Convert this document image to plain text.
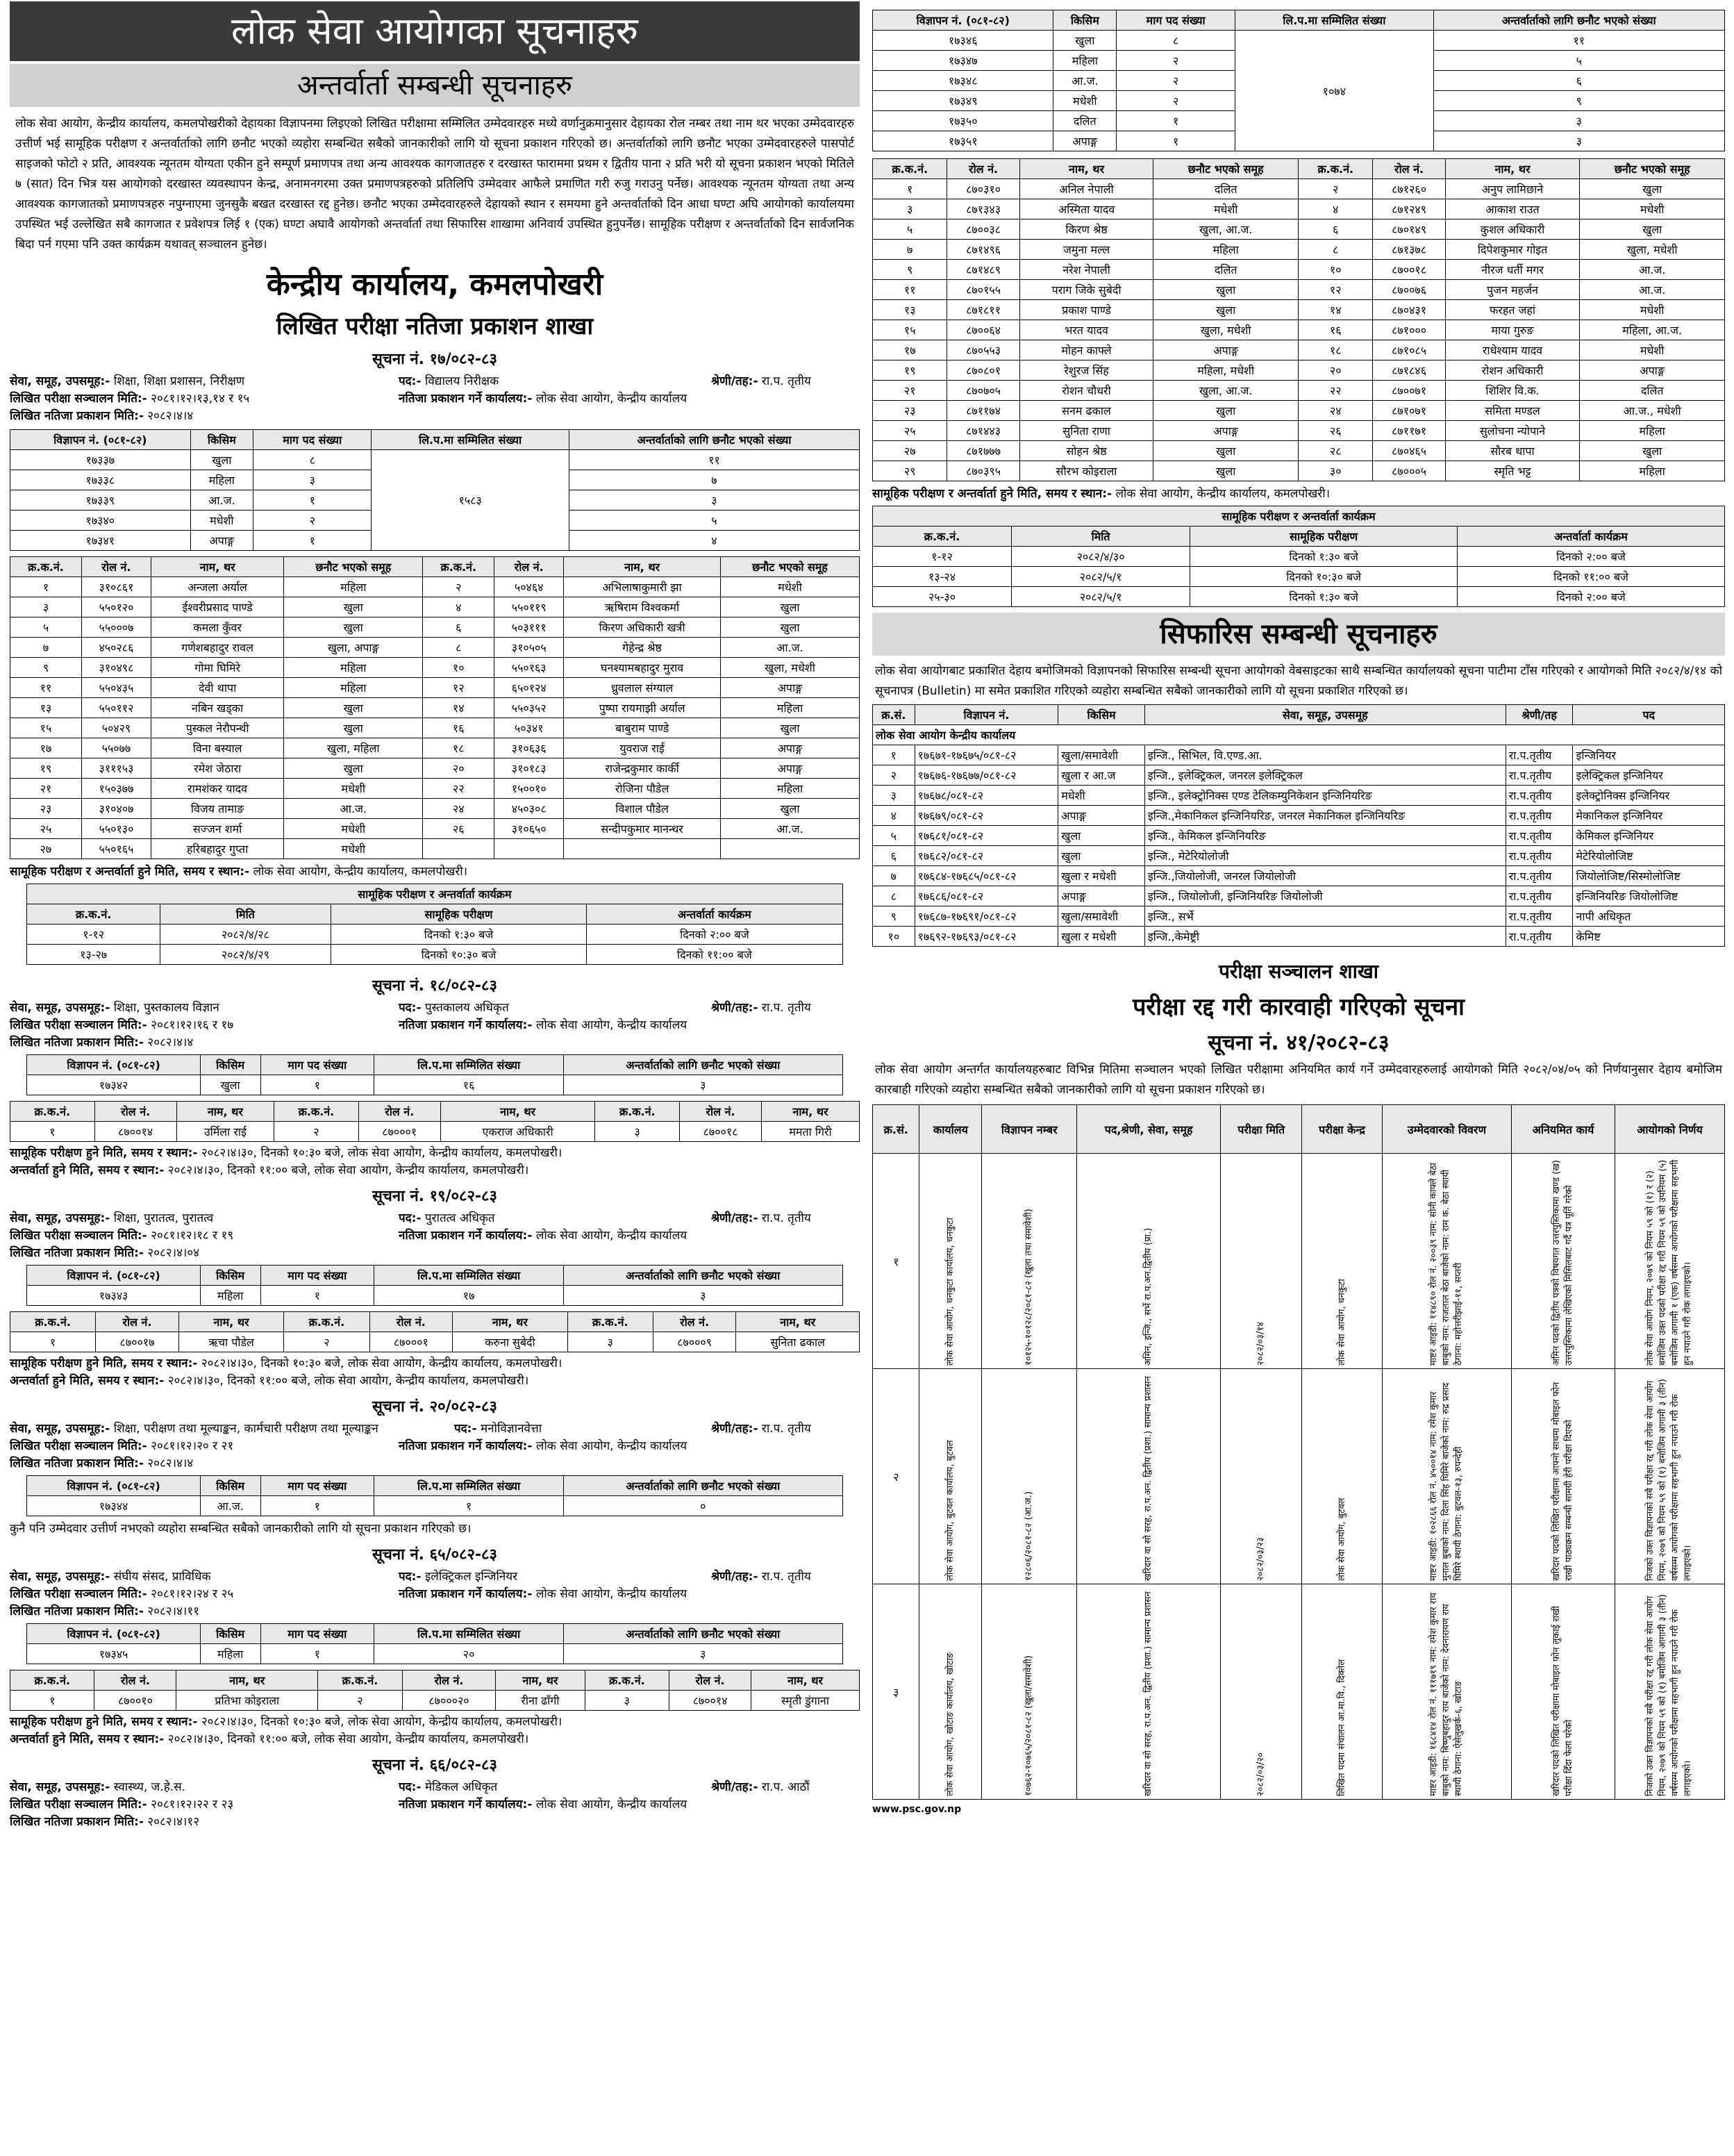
लोक सेवा आयोगका सूचनाहरु
अन्तर्वार्ता सम्बन्धी सूचनाहरु

लोक सेवा आयोग, केन्द्रीय कार्यालय, कमलपोखरीको देहायका विज्ञापनमा लिइएको लिखित परीक्षामा सम्मिलित उम्मेदवारहरु मध्ये वर्णानुक्रमानुसार देहायका रोल नम्बर तथा नाम थर भएका उम्मेदवारहरु उत्तीर्ण भई सामूहिक परीक्षण र अन्तर्वार्ताको लागि छनौट भएको व्यहोरा सम्बन्धित सबैको जानकारीको लागि यो सूचना प्रकाशन गरिएको छ। अन्तर्वार्ताको लागि छनौट भएका उम्मेदवारहरुले पासपोर्ट साइजको फोटो २ प्रति, आवश्यक न्यूनतम योग्यता एकीन हुने सम्पूर्ण प्रमाणपत्र तथा अन्य आवश्यक कागजातहरु र दरखास्त फाराममा प्रथम र द्वितीय पाना २ प्रति भरी यो सूचना प्रकाशन भएको मितिले ७ (सात) दिन भित्र यस आयोगको दरखास्त व्यवस्थापन केन्द्र, अनामनगरमा उक्त प्रमाणपत्रहरुको प्रतिलिपि उम्मेदवार आफैले प्रमाणित गरी रुजु गराउनु पर्नेछ। आवश्यक न्यूनतम योग्यता तथा अन्य आवश्यक कागजातको प्रमाणपत्रहरु नपुग्नाएमा जुनसुकै बखत दरखास्त रद्द हुनेछ। छनौट भएका उम्मेदवारहरुले देहायको स्थान र समयमा हुने अन्तर्वार्ताको दिन आधा घण्टा अघि आयोगको कार्यालयमा उपस्थित भई उल्लेखित सबै कागजात र प्रवेशपत्र लिई १ (एक) घण्टा अघावै आयोगको अन्तर्वार्ता तथा सिफारिस शाखामा अनिवार्य उपस्थित हुनुपर्नेछ। सामूहिक परीक्षण र अन्तर्वार्ताको दिन सार्वजनिक बिदा पर्न गएमा पनि उक्त कार्यक्रम यथावत् सञ्चालन हुनेछ।

केन्द्रीय कार्यालय, कमलपोखरी
लिखित परीक्षा नतिजा प्रकाशन शाखा
सूचना नं. १७/०८२-८३
सेवा, समूह, उपसमूह:- शिक्षा, शिक्षा प्रशासन, निरीक्षण	पद:- विद्यालय निरीक्षक	श्रेणी/तह:- रा.प. तृतीय
लिखित परीक्षा सञ्चालन मिति:- २०८१।१२।१३,१४ र १५	नतिजा प्रकाशन गर्ने कार्यालय:- लोक सेवा आयोग, केन्द्रीय कार्यालय
लिखित नतिजा प्रकाशन मिति:- २०८२।४।४
विज्ञापन नं. (०८१-८२)	किसिम	माग पद संख्या	लि.प.मा सम्मिलित संख्या	अन्तर्वार्ताको लागि छनौट भएको संख्या
१७३३७	खुला	८	१५८३	११
१७३३८	महिला	३		७
१७३३९	आ.ज.	१		३
१७३४०	मधेशी	२		५
१७३४१	अपाङ्ग	१		४
क्र.क.नं.	रोल नं.	नाम, थर	छनौट भएको समूह	क्र.क.नं.	रोल नं.	नाम, थर	छनौट भएको समूह
१	३१०८६१	अन्जला अर्याल	महिला	२	५०४६४	अभिलाषाकुमारी झा	मधेशी
३	५५०१२०	ईश्वरीप्रसाद पाण्डे	खुला	४	५५०११९	ऋषिराम विश्वकर्मा	खुला
५	५५०००७	कमला कुँवर	खुला	६	५०३१११	किरण अधिकारी खत्री	खुला
७	४५०२८६	गणेशबहादुर रावल	खुला, अपाङ्ग	८	३१०५०५	गेहेन्द्र श्रेष्ठ	आ.ज.
९	३१०४९८	गोमा घिमिरे	महिला	१०	५५०१६३	घनश्यामबहादुर मुराव	खुला, मधेशी
११	५५०४३५	देवी थापा	महिला	१२	६५०१२४	ध्रुवलाल संग्याल	अपाङ्ग
१३	५५०११२	नबिन खड्का	खुला	१४	५५०३५२	पुष्पा रायमाझी अर्याल	महिला
१५	५०४२९	पुस्कल नेरौपन्थी	खुला	१६	५०३४१	बाबुराम पाण्डे	खुला
१७	५५०७७	विना बस्याल	खुला, महिला	१८	३१०६३६	युवराज राई	अपाङ्ग
१९	३१११५३	रमेश जेठारा	खुला	२०	३१०१८३	राजेन्द्रकुमार कार्की	अपाङ्ग
२१	१५०३७७	रामशंकर यादव	मधेशी	२२	१५००१०	रोजिना पौडेल	महिला
२३	३१०४०७	विजय तामाङ	आ.ज.	२४	४५०३०८	विशाल पौडेल	खुला
२५	५५०१३०	सज्जन शर्मा	मधेशी	२६	३१०६५०	सन्दीपकुमार मानन्धर	आ.ज.
२७	५५०१६५	हरिबहादुर गुप्ता	मधेशी				
सामूहिक परीक्षण र अन्तर्वार्ता हुने मिति, समय र स्थान:- लोक सेवा आयोग, केन्द्रीय कार्यालय, कमलपोखरी।
सामूहिक परीक्षण र अन्तर्वार्ता कार्यक्रम			
क्र.क.नं.	मिति	सामूहिक परीक्षण	अन्तर्वार्ता कार्यक्रम
१-१२	२०८२/४/२८	दिनको १:३० बजे	दिनको २:०० बजे
१३-२७	२०८२/४/२९	दिनको १०:३० बजे	दिनको ११:०० बजे
सूचना नं. १८/०८२-८३
सेवा, समूह, उपसमूह:- शिक्षा, पुस्तकालय विज्ञान	पद:- पुस्तकालय अधिकृत	श्रेणी/तह:- रा.प. तृतीय
लिखित परीक्षा सञ्चालन मिति:- २०८१।१२।१६ र १७	नतिजा प्रकाशन गर्ने कार्यालय:- लोक सेवा आयोग, केन्द्रीय कार्यालय
लिखित नतिजा प्रकाशन मिति:- २०८२।४।४
विज्ञापन नं. (०८१-८२)	किसिम	माग पद संख्या	लि.प.मा सम्मिलित संख्या	अन्तर्वार्ताको लागि छनौट भएको संख्या
१७३४२	खुला	१	१६	३
क्र.क.नं.	रोल नं.	नाम, थर	क्र.क.नं.	रोल नं.	नाम, थर	क्र.क.नं.	रोल नं.	नाम, थर
१	८७००१४	उर्मिला राई	२	८७०००१	एकराज अधिकारी	३	८७००१८	ममता गिरी
सामूहिक परीक्षण हुने मिति, समय र स्थान:- २०८२।४।३०, दिनको १०:३० बजे, लोक सेवा आयोग, केन्द्रीय कार्यालय, कमलपोखरी।
अन्तर्वार्ता हुने मिति, समय र स्थान:- २०८२।४।३०, दिनको ११:०० बजे, लोक सेवा आयोग, केन्द्रीय कार्यालय, कमलपोखरी।
सूचना नं. १९/०८२-८३
सेवा, समूह, उपसमूह:- शिक्षा, पुरातत्व, पुरातत्व	पद:- पुरातत्व अधिकृत	श्रेणी/तह:- रा.प. तृतीय
लिखित परीक्षा सञ्चालन मिति:- २०८१।१२।१८ र १९	नतिजा प्रकाशन गर्ने कार्यालय:- लोक सेवा आयोग, केन्द्रीय कार्यालय
लिखित नतिजा प्रकाशन मिति:- २०८२।४।०४
विज्ञापन नं. (०८१-८२)	किसिम	माग पद संख्या	लि.प.मा सम्मिलित संख्या	अन्तर्वार्ताको लागि छनौट भएको संख्या
१७३४३	महिला	१	१७	३
क्र.क.नं.	रोल नं.	नाम, थर	क्र.क.नं.	रोल नं.	नाम, थर	क्र.क.नं.	रोल नं.	नाम, थर
१	८७००१७	ऋचा पौडेल	२	८७०००१	करुना सुबेदी	३	८७०००९	सुनिता ढकाल
सामूहिक परीक्षण हुने मिति, समय र स्थान:- २०८२।४।३०, दिनको १०:३० बजे, लोक सेवा आयोग, केन्द्रीय कार्यालय, कमलपोखरी।
अन्तर्वार्ता हुने मिति, समय र स्थान:- २०८२।४।३०, दिनको ११:०० बजे, लोक सेवा आयोग, केन्द्रीय कार्यालय, कमलपोखरी।
सूचना नं. २०/०८२-८३
सेवा, समूह, उपसमूह:- शिक्षा, परीक्षण तथा मूल्याङ्कन, कार्मचारी परीक्षण तथा मूल्याङ्कन	पद:- मनोविज्ञानवेत्ता	श्रेणी/तह:- रा.प. तृतीय
लिखित परीक्षा सञ्चालन मिति:- २०८१।१२।२० र २१	नतिजा प्रकाशन गर्ने कार्यालय:- लोक सेवा आयोग, केन्द्रीय कार्यालय
लिखित नतिजा प्रकाशन मिति:- २०८२।४।४
विज्ञापन नं. (०८१-८२)	किसिम	माग पद संख्या	लि.प.मा सम्मिलित संख्या	अन्तर्वार्ताको लागि छनौट भएको संख्या
१७३४४	आ.ज.	१	१	०
कुनै पनि उम्मेदवार उत्तीर्ण नभएको व्यहोरा सम्बन्धित सबैको जानकारीको लागि यो सूचना प्रकाशन गरिएको छ।
सूचना नं. ६५/०८२-८३
सेवा, समूह, उपसमूह:- संघीय संसद, प्राविधिक	पद:- इलेक्ट्रिकल इन्जिनियर	श्रेणी/तह:- रा.प. तृतीय
लिखित परीक्षा सञ्चालन मिति:- २०८१।१२।२४ र २५	नतिजा प्रकाशन गर्ने कार्यालय:- लोक सेवा आयोग, केन्द्रीय कार्यालय
लिखित नतिजा प्रकाशन मिति:- २०८२।४।११
विज्ञापन नं. (०८१-८२)	किसिम	माग पद संख्या	लि.प.मा सम्मिलित संख्या	अन्तर्वार्ताको लागि छनौट भएको संख्या
१७३४५	महिला	१	२०	३
क्र.क.नं.	रोल नं.	नाम, थर	क्र.क.नं.	रोल नं.	नाम, थर	क्र.क.नं.	रोल नं.	नाम, थर
१	८७००१०	प्रतिभा कोइराला	२	८७०००२०	रीना ढाँगी	३	८७००१४	स्मृती डुंगाना
सामूहिक परीक्षण हुने मिति, समय र स्थान:- २०८२।४।३०, दिनको १०:३० बजे, लोक सेवा आयोग, केन्द्रीय कार्यालय, कमलपोखरी।
अन्तर्वार्ता हुने मिति, समय र स्थान:- २०८२।४।३०, दिनको ११:०० बजे, लोक सेवा आयोग, केन्द्रीय कार्यालय, कमलपोखरी।
सूचना नं. ६६/०८२-८३
सेवा, समूह, उपसमूह:- स्वास्थ्य, ज.हे.स.	पद:- मेडिकल अधिकृत	श्रेणी/तह:- रा.प. आठौं
लिखित परीक्षा सञ्चालन मिति:- २०८१।१२।२२ र २३	नतिजा प्रकाशन गर्ने कार्यालय:- लोक सेवा आयोग, केन्द्रीय कार्यालय
लिखित नतिजा प्रकाशन मिति:- २०८२।४।१२
विज्ञापन नं. (०८१-८२)	किसिम	माग पद संख्या	लि.प.मा सम्मिलित संख्या	अन्तर्वार्ताको लागि छनौट भएको संख्या
१७३४६	खुला	८	१०७४	११
१७३४७	महिला	२		५
१७३४८	आ.ज.	२		६
१७३४९	मधेशी	२		९
१७३५०	दलित	१		३
१७३५१	अपाङ्ग	१		३
क्र.क.नं.	रोल नं.	नाम, थर	छनौट भएको समूह	क्र.क.नं.	रोल नं.	नाम, थर	छनौट भएको समूह
१	८७०३१०	अनिल नेपाली	दलित	२	८७१२६०	अनुप लामिछाने	खुला
३	८७१३४३	अस्मिता यादव	मधेशी	४	८७१२४९	आकाश राउत	मधेशी
५	८७००३८	किरण श्रेष्ठ	खुला, आ.ज.	६	८७०१४९	कुशल अधिकारी	खुला
७	८७१४९६	जमुना मल्ल	महिला	८	८७१३७८	दिपेशकुमार गोइत	खुला, मधेशी
९	८७१४८९	नरेश नेपाली	दलित	१०	८७००१८	नीरज धर्ती मगर	आ.ज.
११	८७०१५५	पराग जिके सुबेदी	खुला	१२	८७००७६	पुजन महर्जन	आ.ज.
१३	८७१८११	प्रकाश पाण्डे	खुला	१४	८७०४३१	फरहत जहां	मधेशी
१५	८७००६४	भरत यादव	खुला, मधेशी	१६	८७१०००	माया गुरुङ	महिला, आ.ज.
१७	८७०५५३	मोहन काफ्ले	अपाङ्ग	१८	८७१०८५	राधेश्याम यादव	मधेशी
१९	८७०८०१	रेशुरज सिंह	महिला, मधेशी	२०	८७१८४६	रोशन अधिकारी	अपाङ्ग
२१	८७०७०५	रोशन चौधरी	खुला, आ.ज.	२२	८७००७१	शिशिर वि.क.	दलित
२३	८७११७४	सनम ढकाल	खुला	२४	८७१०७१	समिता मण्डल	आ.ज., मधेशी
२५	८७१४४३	सुनिता राणा	अपाङ्ग	२६	८७११७१	सुलोचना न्योपाने	महिला
२७	८७१७७७	सोहन श्रेष्ठ	खुला	२८	८७०४६५	सौरब थापा	खुला
२९	८७०३९५	सौरभ कोइराला	खुला	३०	८७०००५	स्मृति भट्ट	महिला
सामूहिक परीक्षण र अन्तर्वार्ता हुने मिति, समय र स्थान:- लोक सेवा आयोग, केन्द्रीय कार्यालय, कमलपोखरी।
सामूहिक परीक्षण र अन्तर्वार्ता कार्यक्रम			
क्र.क.नं.	मिति	सामूहिक परीक्षण	अन्तर्वार्ता कार्यक्रम
१-१२	२०८२/४/३०	दिनको १:३० बजे	दिनको २:०० बजे
१३-२४	२०८२/५/१	दिनको १०:३० बजे	दिनको ११:०० बजे
२५-३०	२०८२/५/१	दिनको १:३० बजे	दिनको २:०० बजे
सिफारिस सम्बन्धी सूचनाहरु

लोक सेवा आयोगबाट प्रकाशित देहाय बमोजिमको विज्ञापनको सिफारिस सम्बन्धी सूचना आयोगको वेबसाइटका साथै सम्बन्धित कार्यालयको सूचना पाटीमा टाँस गरिएको र आयोगको मिति २०८२/४/१४ को सूचनापत्र (Bulletin) मा समेत प्रकाशित गरिएको व्यहोरा सम्बन्धित सबैको जानकारीको लागि यो सूचना प्रकाशित गरिएको छ।

क्र.सं.	विज्ञापन नं.	किसिम	सेवा, समूह, उपसमूह	श्रेणी/तह	पद
लोक सेवा आयोग केन्द्रीय कार्यालय					
१	१७६७१-१७६७५/०८१-८२	खुला/समावेशी	इन्जि., सिभिल, वि.एण्ड.आ.	रा.प.तृतीय	इन्जिनियर
२	१७६७६-१७६७७/०८१-८२	खुला र आ.ज	इन्जि., इलेक्ट्रिकल, जनरल इलेक्ट्रिकल	रा.प.तृतीय	इलेक्ट्रिकल इन्जिनियर
३	१७६७८/०८१-८२	मधेशी	इन्जि., इलेक्ट्रोनिक्स एण्ड टेलिकम्युनिकेशन इन्जिनियरिङ	रा.प.तृतीय	इलेक्ट्रोनिक्स इन्जिनियर
४	१७६७९/०८१-८२	अपाङ्ग	इन्जि.,मेकानिकल इन्जिनियरिङ, जनरल मेकानिकल इन्जिनियरिङ	रा.प.तृतीय	मेकानिकल इन्जिनियर
५	१७६८१/०८१-८२	खुला	इन्जि., केमिकल इन्जिनियरिङ	रा.प.तृतीय	केमिकल इन्जिनियर
६	१७६८२/०८१-८२	खुला	इन्जि., मेटेरियोलोजी	रा.प.तृतीय	मेटेरियोलोजिष्ट
७	१७६८४-१७६८५/०८१-८२	खुला र मधेशी	इन्जि.,जियोलोजी, जनरल जियोलोजी	रा.प.तृतीय	जियोलोजिष्ट/सिस्मोलोजिष्ट
८	१७६८६/०८१-८२	अपाङ्ग	इन्जि., जियोलोजी, इन्जिनियरिङ जियोलोजी	रा.प.तृतीय	इन्जिनियरिङ जियोलोजिष्ट
९	१७६८७-१७६९१/०८१-८२	खुला/समावेशी	इन्जि., सर्भे	रा.प.तृतीय	नापी अधिकृत
१०	१७६९२-१७६९३/०८१-८२	खुला र मधेशी	इन्जि.,केमेष्ट्री	रा.प.तृतीय	केमिष्ट
परीक्षा सञ्चालन शाखा
परीक्षा रद्द गरी कारवाही गरिएको सूचना
सूचना नं. ४१/२०८२-८३

लोक सेवा आयोग अन्तर्गत कार्यालयहरुबाट विभिन्न मितिमा सञ्चालन भएको लिखित परीक्षामा अनियमित कार्य गर्ने उम्मेदवारहरुलाई आयोगको मिति २०८२/०४/०५ को निर्णयानुसार देहाय बमोजिम कारबाही गरिएको व्यहोरा सम्बन्धित सबैको जानकारीको लागि यो सूचना प्रकाशन गरिएको छ।

क्र.सं.	कार्यालय	विज्ञापन नम्बर	पद,श्रेणी, सेवा, समूह	परीक्षा मिति	परीक्षा केन्द्र	उम्मेदवारको विवरण	अनियमित कार्य	आयोगको निर्णय
१	लोक सेवा आयोग, धनकुटा कार्यालय, धनकुटा	१०१२५-१०१२८/२०८१-८२ (खुला तथा समावेशी)	अमिन, इन्जि., सर्भे रा.प.अन.द्वितीय (प्रा.)	२०८२/०३/१४	लोक सेवा आयोग, धनकुटा	माष्टर आइडी: ११४८९० रोल नं. २००३९ नाम: सोनी काफ्ले बेठा बाबुको नाम: राजलाल बेठा बाजेको नाम: राम क. बेठा स्थायी ठेगाना: महोत्तरीझाई-११, सप्तरी	अमिन पदको द्वितीय पत्रको विषयगत उत्तरपुस्तिकामा खण्ड (ख) उत्तरपुस्तिकामा लेखिएको मिसिलबाट गर्दै पत्र पूर्ति गरेको	लोक सेवा आयोग नियम, २०७९ को नियम ५९ को (१) र (२) बमोजिम उक्त पदको परीक्षा रद्द गरी नियम ५९ को उपनियम (५) बमोजिम आगामी १ (एक) वर्षसम्म आयोगको परीक्षामा सहभागी हुन नपाउने गरी रोक लगाइएको।

२	लोक सेवा आयोग, बुटवल कार्यालय, बुटवल	१२८०६/२०८१-८२ (आ.ज.)	खरिदार वा सो सरह, रा.प.अन. द्वितीय (प्रशा.) सामान्य प्रशासन	२०८२/०३/२३	लोक सेवा आयोग, बुटवल	माष्टर आइडी: १०२८६६ रोल नं. ४५००१४ नाम: रमेश कुमार मुनाल बुबाको नाम: दिला सिंह घिमिरे बाजेको नाम: रुद्र प्रसाद घिमिरे स्थायी ठेगाना: बुटवल-१३, रुपन्देही	खरिदार पदको लिखित परीक्षामा आफ्नो साथमा मोबाइल फोन राखी पाठ्यक्रम सम्बन्धी सामग्री हेरी परीक्षा दिएको	निजको उक्त विज्ञापनको सबै परीक्षा रद्द गरी लोक सेवा आयोग नियम, २०७९ को नियम ५९ को (१) बमोजिम आगामी ३ (तीन) वर्षसम्म आयोगको परीक्षामा सहभागी हुन नपाउने गरी रोक लगाइएको।

३	लोक सेवा आयोग, खोटाङ कार्यालय, खोटाङ	१०७६२-१०७६५/२०८१-८२ (खुला/समावेशी)	खरिदार वा सो सरह, रा.प.अन. द्वितीय (प्रशा.) सामान्य प्रशासन	२०८२/०३/२०	लिखित पदमा संचालन आ.मा.वि., दिक्तेल	माष्टर आइडी: १६८४१४ रोल नं. १११७१९ नाम: रमेश कुमार राय बाबुको नाम: बिष्णुबहादुर राय बाजेको नाम: देवनारायण राय स्थायी ठेगाना: ऐसेलुखर्क-६, खोटाङ	खरिदार पदको लिखित परीक्षामा मोबाइल फोन लुकाई राखी परीक्षा दिँदा फेला परेको	निजको उक्त विज्ञापनको सबै परीक्षा रद्द गरी लोक सेवा आयोग नियम, २०७९ को नियम ५९ को (१) बमोजिम आगामी ३ (तीन) वर्षसम्म आयोगको परीक्षामा सहभागी हुन नपाउने गरी रोक लगाइएको।
www.psc.gov.np
